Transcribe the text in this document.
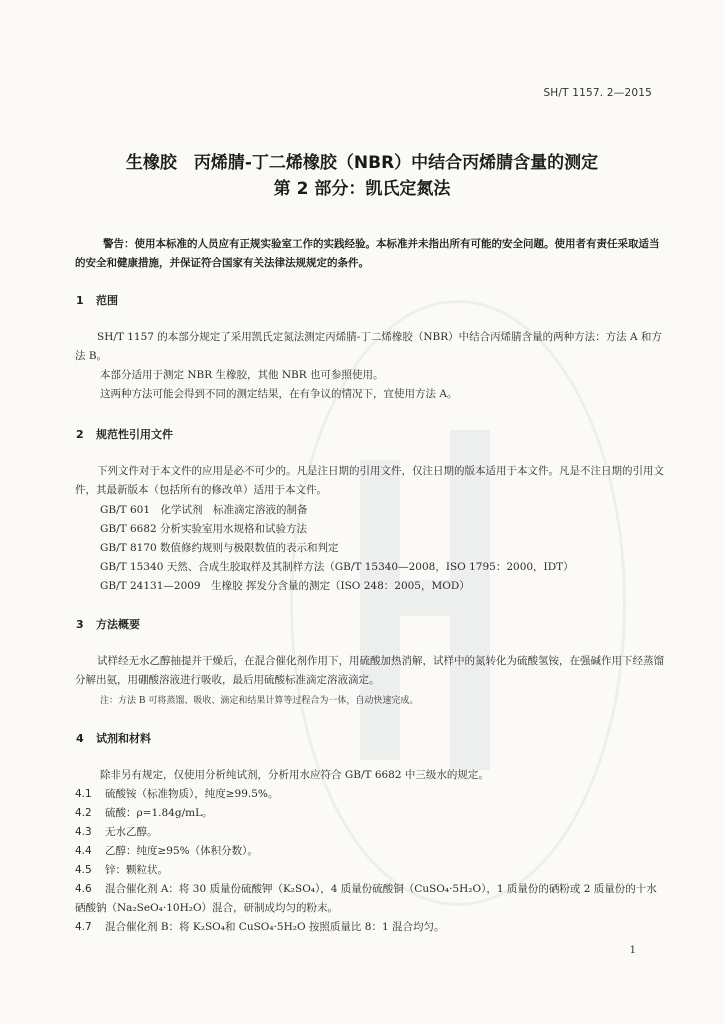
SH/T 1157. 2—2015
生橡胶　丙烯腈-丁二烯橡胶（NBR）中结合丙烯腈含量的测定
第 2 部分：凯氏定氮法
警告：使用本标准的人员应有正规实验室工作的实践经验。本标准并未指出所有可能的安全问题。使用者有责任采取适当的安全和健康措施，并保证符合国家有关法律法规规定的条件。
1 范围
SH/T 1157 的本部分规定了采用凯氏定氮法测定丙烯腈-丁二烯橡胶（NBR）中结合丙烯腈含量的两种方法：方法 A 和方法 B。
本部分适用于测定 NBR 生橡胶，其他 NBR 也可参照使用。
这两种方法可能会得到不同的测定结果，在有争议的情况下，宜使用方法 A。
2 规范性引用文件
下列文件对于本文件的应用是必不可少的。凡是注日期的引用文件，仅注日期的版本适用于本文件。凡是不注日期的引用文件，其最新版本（包括所有的修改单）适用于本文件。
GB/T 601　化学试剂　标准滴定溶液的制备
GB/T 6682 分析实验室用水规格和试验方法
GB/T 8170 数值修约规则与极限数值的表示和判定
GB/T 15340 天然、合成生胶取样及其制样方法（GB/T 15340—2008，ISO 1795：2000，IDT）
GB/T 24131—2009　生橡胶 挥发分含量的测定（ISO 248：2005，MOD）
3 方法概要
试样经无水乙醇抽提并干燥后，在混合催化剂作用下，用硫酸加热消解，试样中的氮转化为硫酸氢铵，在强碱作用下经蒸馏分解出氨，用硼酸溶液进行吸收，最后用硫酸标准滴定溶液滴定。
注：方法 B 可将蒸馏、吸收、滴定和结果计算等过程合为一体，自动快速完成。
4 试剂和材料
除非另有规定，仅使用分析纯试剂，分析用水应符合 GB/T 6682 中三级水的规定。
4.1 硫酸铵（标准物质），纯度≥99.5%。
4.2 硫酸：ρ=1.84g/mL。
4.3 无水乙醇。
4.4 乙醇：纯度≥95%（体积分数）。
4.5 锌：颗粒状。
4.6 混合催化剂 A：将 30 质量份硫酸钾（K₂SO₄），4 质量份硫酸铜（CuSO₄·5H₂O），1 质量份的硒粉或 2 质量份的十水硒酸钠（Na₂SeO₄·10H₂O）混合，研制成均匀的粉末。
4.7 混合催化剂 B：将 K₂SO₄和 CuSO₄·5H₂O 按照质量比 8：1 混合均匀。
1
